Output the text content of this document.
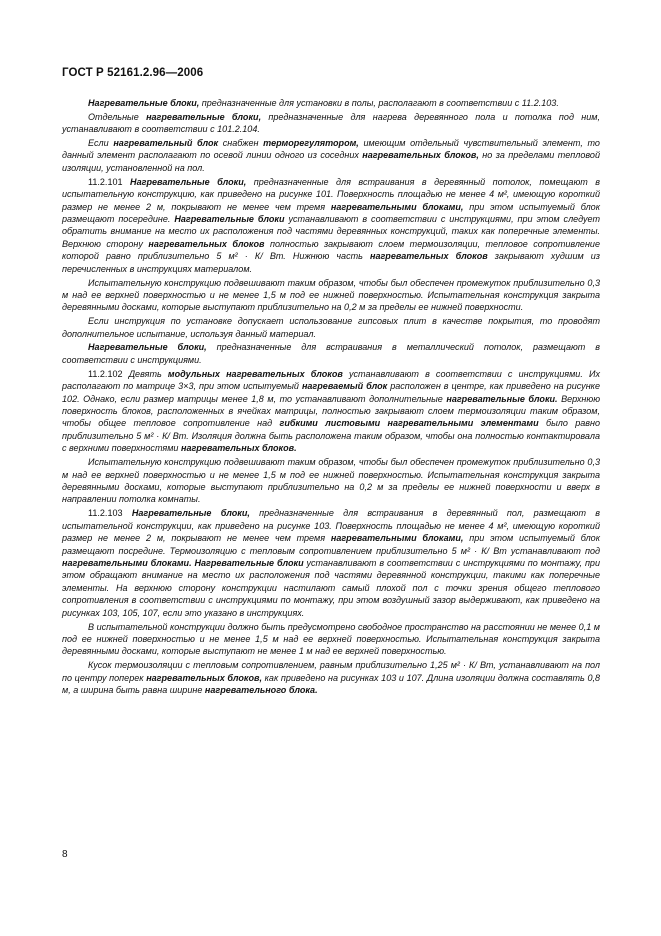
ГОСТ Р 52161.2.96—2006

Нагревательные блоки, предназначенные для установки в полы, располагают в соответствии с 11.2.103.

Отдельные нагревательные блоки, предназначенные для нагрева деревянного пола и потолка под ним, устанавливают в соответствии с 101.2.104.

Если нагревательный блок снабжен терморегулятором, имеющим отдельный чувствительный элемент, то данный элемент располагают по осевой линии одного из соседних нагревательных блоков, но за пределами тепловой изоляции, установленной на пол.

11.2.101 Нагревательные блоки, предназначенные для встраивания в деревянный потолок, помещают в испытательную конструкцию, как приведено на рисунке 101. Поверхность площадью не менее 4 м², имеющую короткий размер не менее 2 м, покрывают не менее чем тремя нагревательными блоками, при этом испытуемый блок размещают посередине. Нагревательные блоки устанавливают в соответствии с инструкциями, при этом следует обратить внимание на место их расположения под частями деревянных конструкций, таких как поперечные элементы. Верхнюю сторону нагревательных блоков полностью закрывают слоем термоизоляции, тепловое сопротивление которой равно приблизительно 5 м² · К/ Вт. Нижнюю часть нагревательных блоков закрывают худшим из перечисленных в инструкциях материалом.

Испытательную конструкцию подвешивают таким образом, чтобы был обеспечен промежуток приблизительно 0,3 м над ее верхней поверхностью и не менее 1,5 м под ее нижней поверхностью. Испытательная конструкция закрыта деревянными досками, которые выступают приблизительно на 0,2 м за пределы ее нижней поверхности.

Если инструкция по установке допускает использование гипсовых плит в качестве покрытия, то проводят дополнительное испытание, используя данный материал.

Нагревательные блоки, предназначенные для встраивания в металлический потолок, размещают в соответствии с инструкциями.

11.2.102 Девять модульных нагревательных блоков устанавливают в соответствии с инструкциями. Их располагают по матрице 3×3, при этом испытуемый нагреваемый блок расположен в центре, как приведено на рисунке 102. Однако, если размер матрицы менее 1,8 м, то устанавливают дополнительные нагревательные блоки. Верхнюю поверхность блоков, расположенных в ячейках матрицы, полностью закрывают слоем термоизоляции таким образом, чтобы общее тепловое сопротивление над гибкими листовыми нагревательными элементами было равно приблизительно 5 м² · К/ Вт. Изоляция должна быть расположена таким образом, чтобы она полностью контактировала с верхними поверхностями нагревательных блоков.

Испытательную конструкцию подвешивают таким образом, чтобы был обеспечен промежуток приблизительно 0,3 м над ее верхней поверхностью и не менее 1,5 м под ее нижней поверхностью. Испытательная конструкция закрыта деревянными досками, которые выступают приблизительно на 0,2 м за пределы ее нижней поверхности и вверх в направлении потолка комнаты.

11.2.103 Нагревательные блоки, предназначенные для встраивания в деревянный пол, размещают в испытательной конструкции, как приведено на рисунке 103. Поверхность площадью не менее 4 м², имеющую короткий размер не менее 2 м, покрывают не менее чем тремя нагревательными блоками, при этом испытуемый блок размещают посредине. Термоизоляцию с тепловым сопротивлением приблизительно 5 м² · К/ Вт устанавливают под нагревательными блоками. Нагревательные блоки устанавливают в соответствии с инструкциями по монтажу, при этом обращают внимание на место их расположения под частями деревянной конструкции, такими как поперечные элементы. На верхнюю сторону конструкции настилают самый плохой пол с точки зрения общего теплового сопротивления в соответствии с инструкциями по монтажу, при этом воздушный зазор выдерживают, как приведено на рисунках 103, 105, 107, если это указано в инструкциях.

В испытательной конструкции должно быть предусмотрено свободное пространство на расстоянии не менее 0,1 м под ее нижней поверхностью и не менее 1,5 м над ее верхней поверхностью. Испытательная конструкция закрыта деревянными досками, которые выступают не менее 1 м над ее верхней поверхностью.

Кусок термоизоляции с тепловым сопротивлением, равным приблизительно 1,25 м² · К/ Вт, устанавливают на пол по центру поперек нагревательных блоков, как приведено на рисунках 103 и 107. Длина изоляции должна составлять 0,8 м, а ширина быть равна ширине нагревательного блока.

8
